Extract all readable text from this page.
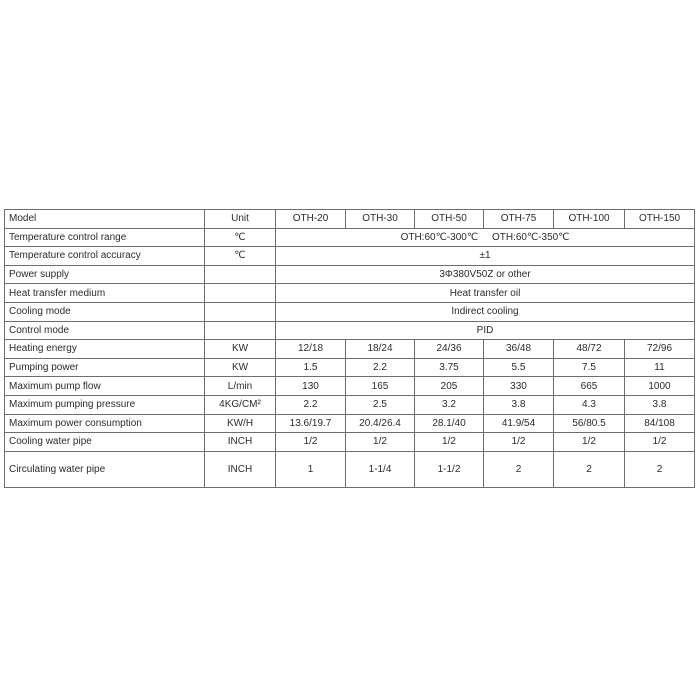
Model	Unit	OTH-20	OTH-30	OTH-50	OTH-75	OTH-100	OTH-150
Temperature control range	℃	OTH:60℃-300℃     OTH:60℃-350℃					
Temperature control accuracy	℃	±1					
Power supply		3Φ380V50Z or other					
Heat transfer medium		Heat transfer oil					
Cooling mode		Indirect cooling					
Control mode		PID					
Heating energy	KW	12/18	18/24	24/36	36/48	48/72	72/96
Pumping power	KW	1.5	2.2	3.75	5.5	7.5	11
Maximum pump flow	L/min	130	165	205	330	665	1000
Maximum pumping pressure	4KG/CM²	2.2	2.5	3.2	3.8	4.3	3.8
Maximum power consumption	KW/H	13.6/19.7	20.4/26.4	28.1/40	41.9/54	56/80.5	84/108
Cooling water pipe	INCH	1/2	1/2	1/2	1/2	1/2	1/2
Circulating water pipe	INCH	1	1-1/4	1-1/2	2	2	2
